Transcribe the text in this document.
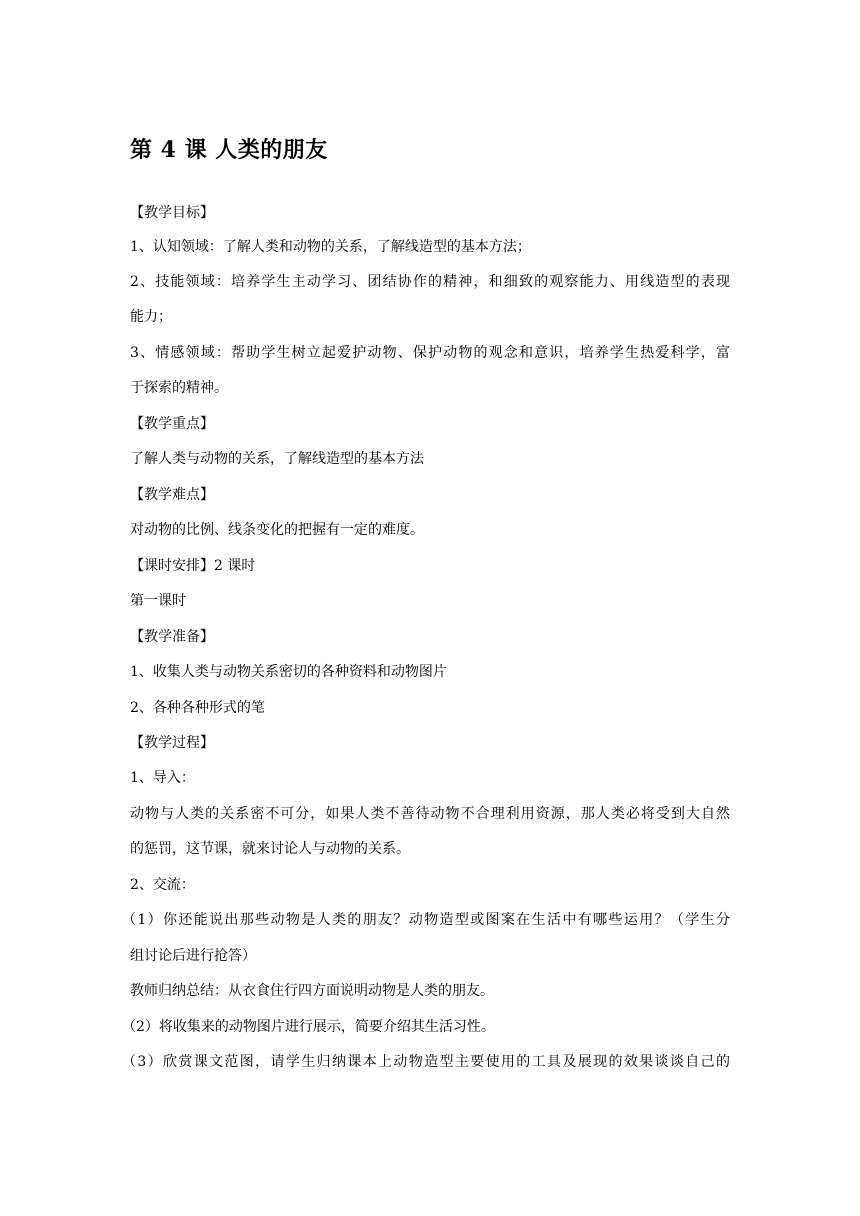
第 4 课 人类的朋友
【教学目标】
1、认知领域：了解人类和动物的关系，了解线造型的基本方法；
2、技能领域：培养学生主动学习、团结协作的精神，和细致的观察能力、用线造型的表现
能力；
3、情感领域：帮助学生树立起爱护动物、保护动物的观念和意识，培养学生热爱科学，富
于探索的精神。
【教学重点】
了解人类与动物的关系，了解线造型的基本方法
【教学难点】
对动物的比例、线条变化的把握有一定的难度。
【课时安排】2 课时
第一课时
【教学准备】
1、收集人类与动物关系密切的各种资料和动物图片
2、各种各种形式的笔
【教学过程】
1、导入：
动物与人类的关系密不可分，如果人类不善待动物不合理利用资源，那人类必将受到大自然
的惩罚，这节课，就来讨论人与动物的关系。
2、交流：
（1）你还能说出那些动物是人类的朋友？动物造型或图案在生活中有哪些运用？（学生分
组讨论后进行抢答）
教师归纳总结：从衣食住行四方面说明动物是人类的朋友。
（2）将收集来的动物图片进行展示，简要介绍其生活习性。
（3）欣赏课文范图，请学生归纳课本上动物造型主要使用的工具及展现的效果谈谈自己的
